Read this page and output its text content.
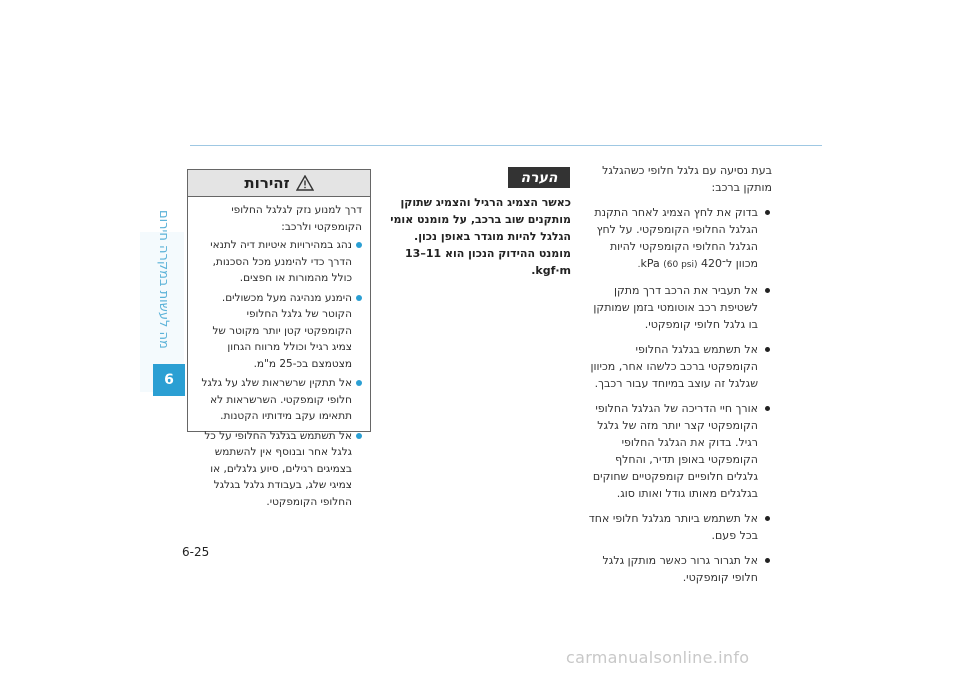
מה לעשות במקרה חירום
6
6-25
זהירות

דרך למנוע נזק לגלגל החלופי הקומפקטי ולרכב:

נהג במהירויות איטיות דיה לתנאי הדרך כדי להימנע מכל הסכנות, כולל מהמורות או חפצים.
הימנע מנהיגה מעל מכשולים. הקוטר של גלגל החלופי הקומפקטי קטן יותר מקוטר של צמיג רגיל וכולל מרווח הגחון מצטמצם בכ-25 מ"מ.
אל תתקין שרשראות שלג על גלגל חלופי קומפקטי. השרשראות לא תתאימו עקב מידותיו הקטנות.
אל תשתמש בגלגל החלופי על כל גלגל אחר ובנוסף אין להשתמש בצמיגים רגילים, סיוע גלגלים, או צמיגי שלג, בעבודת גלגל בגלגל החלופי הקומפקטי.
הערה
כאשר הצמיג הרגיל והצמיג שתוקן מותקנים שוב ברכב, על מומנט אומי הגלגל להיות מוגדר באופן נכון. מומנט ההידוק הנכון הוא 11–13 kgf·m.

בעת נסיעה עם גלגל חלופי כשהגלגל מותקן ברכב:

בדוק את לחץ הצמיג לאחר התקנת הגלגל החלופי הקומפקטי. על לחץ הגלגל החלופי הקומפקטי להיות מכוון ל־420 kPa (60 psi).
אל תעביר את הרכב דרך מתקן לשטיפת רכב אוטומטי בזמן שמותקן בו גלגל חלופי קומפקטי.
אל תשתמש בגלגל החלופי הקומפקטי ברכב כלשהו אחר, מכיוון שגלגל זה עוצב במיוחד עבור רכבך.
אורך חיי הדריכה של הגלגל החלופי הקומפקטי קצר יותר מזה של גלגל רגיל. בדוק את הגלגל החלופי הקומפקטי באופן תדיר, והחלף גלגלים חלופיים קומפקטיים שחוקים בגלגלים מאותו גודל ואותו סוג.
אל תשתמש ביותר מגלגל חלופי אחד בכל פעם.
אל תגרור גרור כאשר מותקן גלגל חלופי קומפקטי.
carmanualsonline.info
